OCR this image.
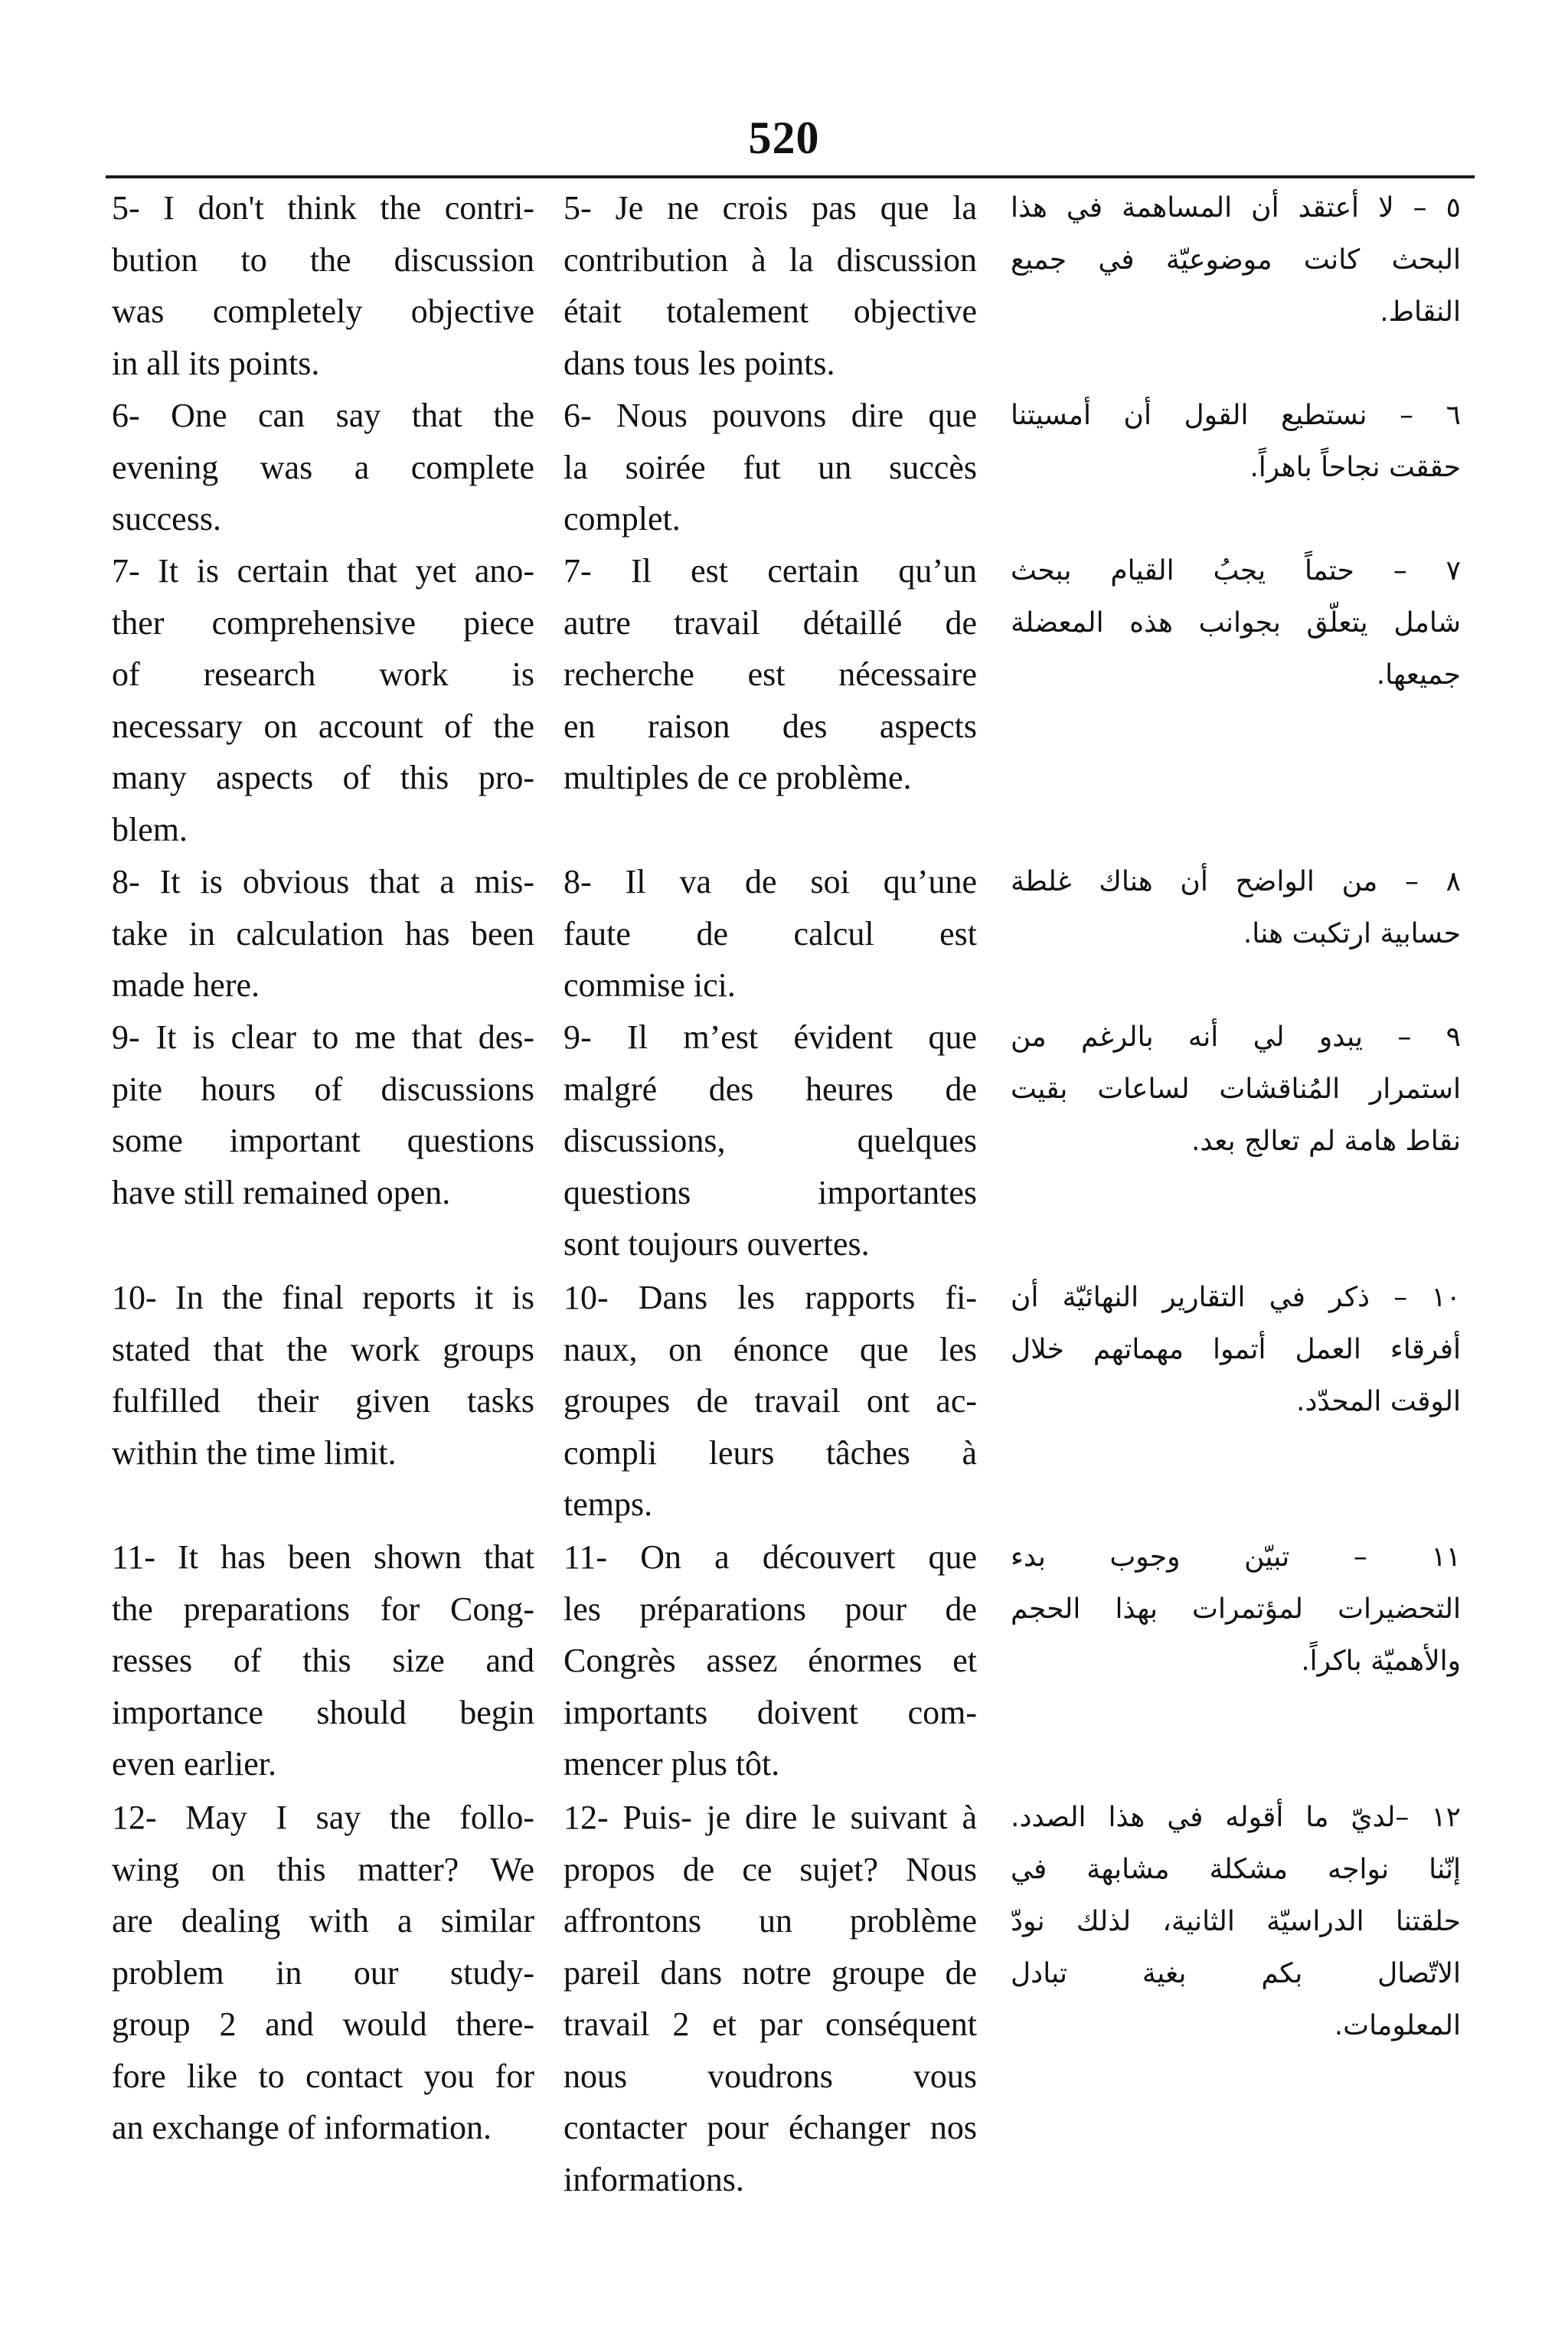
520
5- I don't think the contri-
bution to the discussion
was completely objective
in all its points.
5- Je ne crois pas que la
contribution à la discussion
était totalement objective
dans tous les points.
٥ – لا أعتقد أن المساهمة في هذا
البحث كانت موضوعيّة في جميع
النقاط.
6- One can say that the
evening was a complete
success.
6- Nous pouvons dire que
la soirée fut un succès
complet.
٦ – نستطيع القول أن أمسيتنا
حققت نجاحاً باهراً.
7- It is certain that yet ano-
ther comprehensive piece
of research work is
necessary on account of the
many aspects of this pro-
blem.
7- Il est certain qu’un
autre travail détaillé de
recherche est nécessaire
en raison des aspects
multiples de ce problème.
٧ – حتماً يجبُ القيام ببحث
شامل يتعلّق بجوانب هذه المعضلة
جميعها.
8- It is obvious that a mis-
take in calculation has been
made here.
8- Il va de soi qu’une
faute de calcul est
commise ici.
٨ – من الواضح أن هناك غلطة
حسابية ارتكبت هنا.
9- It is clear to me that des-
pite hours of discussions
some important questions
have still remained open.
9- Il m’est évident que
malgré des heures de
discussions, quelques
questions importantes
sont toujours ouvertes.
٩ – يبدو لي أنه بالرغم من
استمرار المُناقشات لساعات بقيت
نقاط هامة لم تعالج بعد.
10- In the final reports it is
stated that the work groups
fulfilled their given tasks
within the time limit.
10- Dans les rapports fi-
naux, on énonce que les
groupes de travail ont ac-
compli leurs tâches à
temps.
١٠ – ذكر في التقارير النهائيّة أن
أفرقاء العمل أتموا مهماتهم خلال
الوقت المحدّد.
11- It has been shown that
the preparations for Cong-
resses of this size and
importance should begin
even earlier.
11- On a découvert que
les préparations pour de
Congrès assez énormes et
importants doivent com-
mencer plus tôt.
١١ – تبيّن وجوب بدء
التحضيرات لمؤتمرات بهذا الحجم
والأهميّة باكراً.
12- May I say the follo-
wing on this matter? We
are dealing with a similar
problem in our study-
group 2 and would there-
fore like to contact you for
an exchange of information.
12- Puis- je dire le suivant à
propos de ce sujet? Nous
affrontons un problème
pareil dans notre groupe de
travail 2 et par conséquent
nous voudrons vous
contacter pour échanger nos
informations.
١٢ –لديّ ما أقوله في هذا الصدد.
إنّنا نواجه مشكلة مشابهة في
حلقتنا الدراسيّة الثانية، لذلك نودّ
الاتّصال بكم بغية تبادل
المعلومات.
